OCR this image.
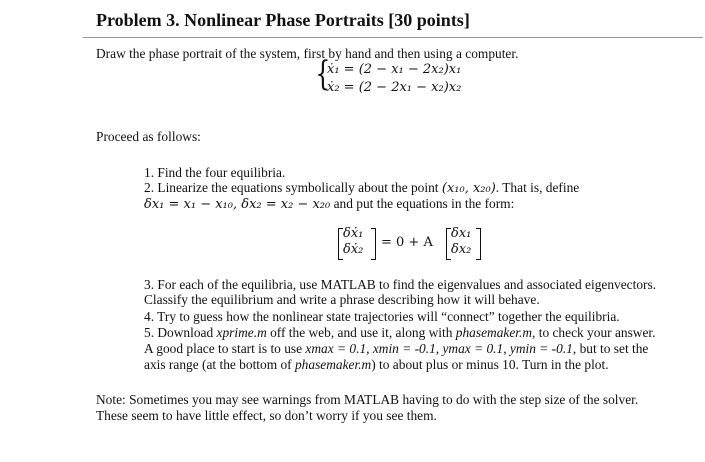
Problem 3. Nonlinear Phase Portraits [30 points]
Draw the phase portrait of the system, first by hand and then using a computer.
{
ẋ₁ = (2 − x₁ − 2x₂)x₁
ẋ₂ = (2 − 2x₁ − x₂)x₂
Proceed as follows:
1. Find the four equilibria.
2. Linearize the equations symbolically about the point (x₁₀, x₂₀). That is, define
δx₁ = x₁ − x₁₀, δx₂ = x₂ − x₂₀ and put the equations in the form:
δẋ₁
δẋ₂ = 0 + A
δx₁
δx₂
3. For each of the equilibria, use MATLAB to find the eigenvalues and associated eigenvectors.
Classify the equilibrium and write a phrase describing how it will behave.
4. Try to guess how the nonlinear state trajectories will “connect” together the equilibria.
5. Download xprime.m off the web, and use it, along with phasemaker.m, to check your answer.
A good place to start is to use xmax = 0.1, xmin = -0.1, ymax = 0.1, ymin = -0.1, but to set the
axis range (at the bottom of phasemaker.m) to about plus or minus 10. Turn in the plot.
Note: Sometimes you may see warnings from MATLAB having to do with the step size of the solver.
These seem to have little effect, so don’t worry if you see them.
